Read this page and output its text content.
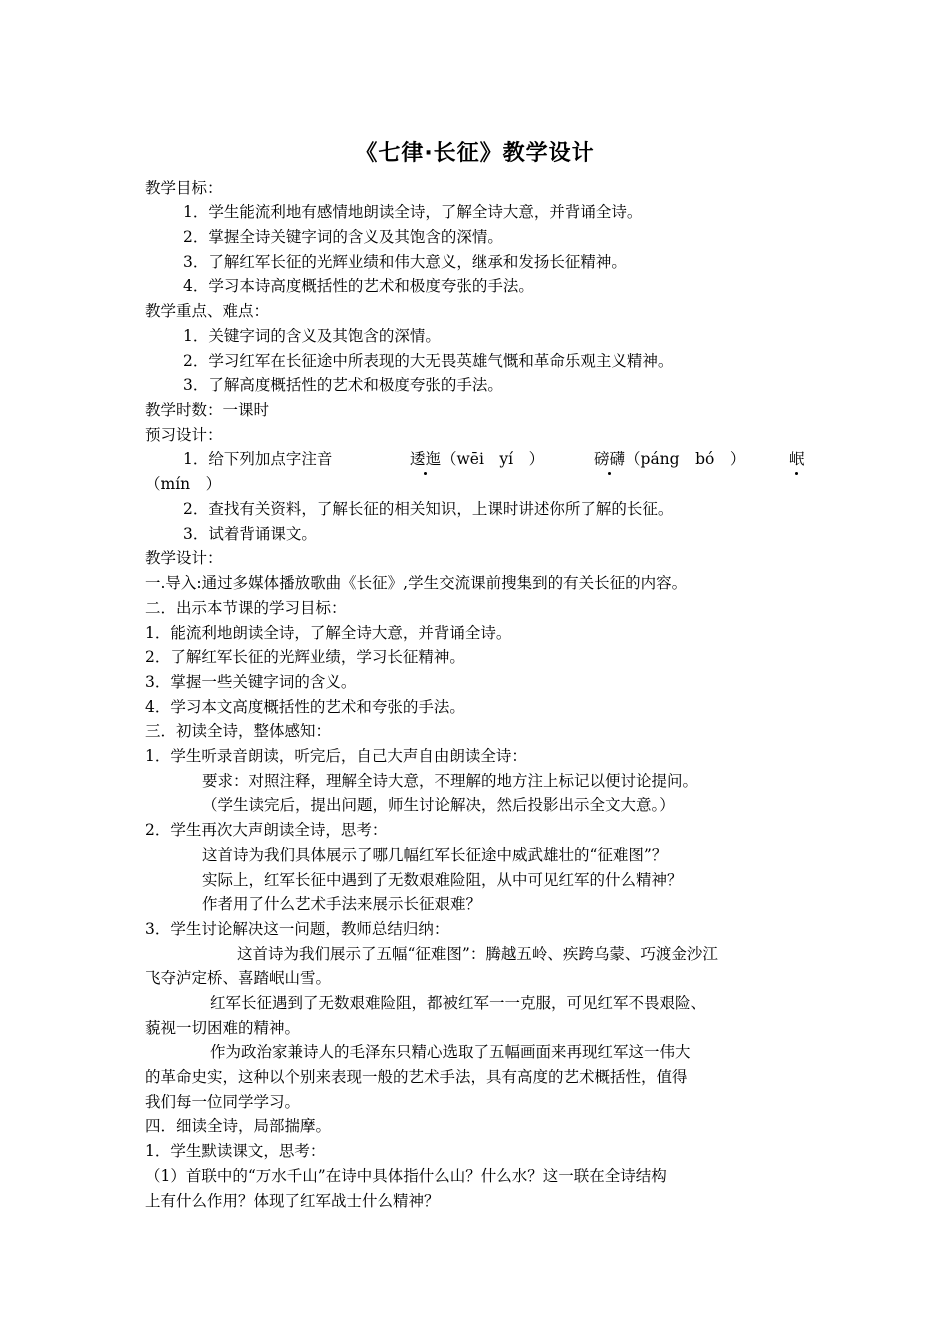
《七律·长征》教学设计
教学目标：
1．学生能流利地有感情地朗读全诗，了解全诗大意，并背诵全诗。
2．掌握全诗关键字词的含义及其饱含的深情。
3．了解红军长征的光辉业绩和伟大意义，继承和发扬长征精神。
4．学习本诗高度概括性的艺术和极度夸张的手法。
教学重点、难点：
1．关键字词的含义及其饱含的深情。
2．学习红军在长征途中所表现的大无畏英雄气慨和革命乐观主义精神。
3．了解高度概括性的艺术和极度夸张的手法。
教学时数：一课时
预习设计：
1．给下列加点字注音	逶迤（wēi　yí　）	磅礴（páng　bó　）	岷
（mín　）
2．查找有关资料，了解长征的相关知识，上课时讲述你所了解的长征。
3．试着背诵课文。
教学设计：
一.导入:通过多媒体播放歌曲《长征》,学生交流课前搜集到的有关长征的内容。
二．出示本节课的学习目标：
1．能流利地朗读全诗，了解全诗大意，并背诵全诗。
2．了解红军长征的光辉业绩，学习长征精神。
3．掌握一些关键字词的含义。
4．学习本文高度概括性的艺术和夸张的手法。
三．初读全诗，整体感知：
1．学生听录音朗读，听完后，自己大声自由朗读全诗：
要求：对照注释，理解全诗大意，不理解的地方注上标记以便讨论提问。
（学生读完后，提出问题，师生讨论解决，然后投影出示全文大意。）
2．学生再次大声朗读全诗，思考：
这首诗为我们具体展示了哪几幅红军长征途中威武雄壮的“征难图”？
实际上，红军长征中遇到了无数艰难险阻，从中可见红军的什么精神？
作者用了什么艺术手法来展示长征艰难？
3．学生讨论解决这一问题，教师总结归纳：
这首诗为我们展示了五幅“征难图”：腾越五岭、疾跨乌蒙、巧渡金沙江
飞夺泸定桥、喜踏岷山雪。
红军长征遇到了无数艰难险阻，都被红军一一克服，可见红军不畏艰险、
藐视一切困难的精神。
作为政治家兼诗人的毛泽东只精心选取了五幅画面来再现红军这一伟大
的革命史实，这种以个别来表现一般的艺术手法，具有高度的艺术概括性，值得
我们每一位同学学习。
四．细读全诗，局部揣摩。
1．学生默读课文，思考：
（1）首联中的“万水千山”在诗中具体指什么山？什么水？这一联在全诗结构
上有什么作用？体现了红军战士什么精神？
